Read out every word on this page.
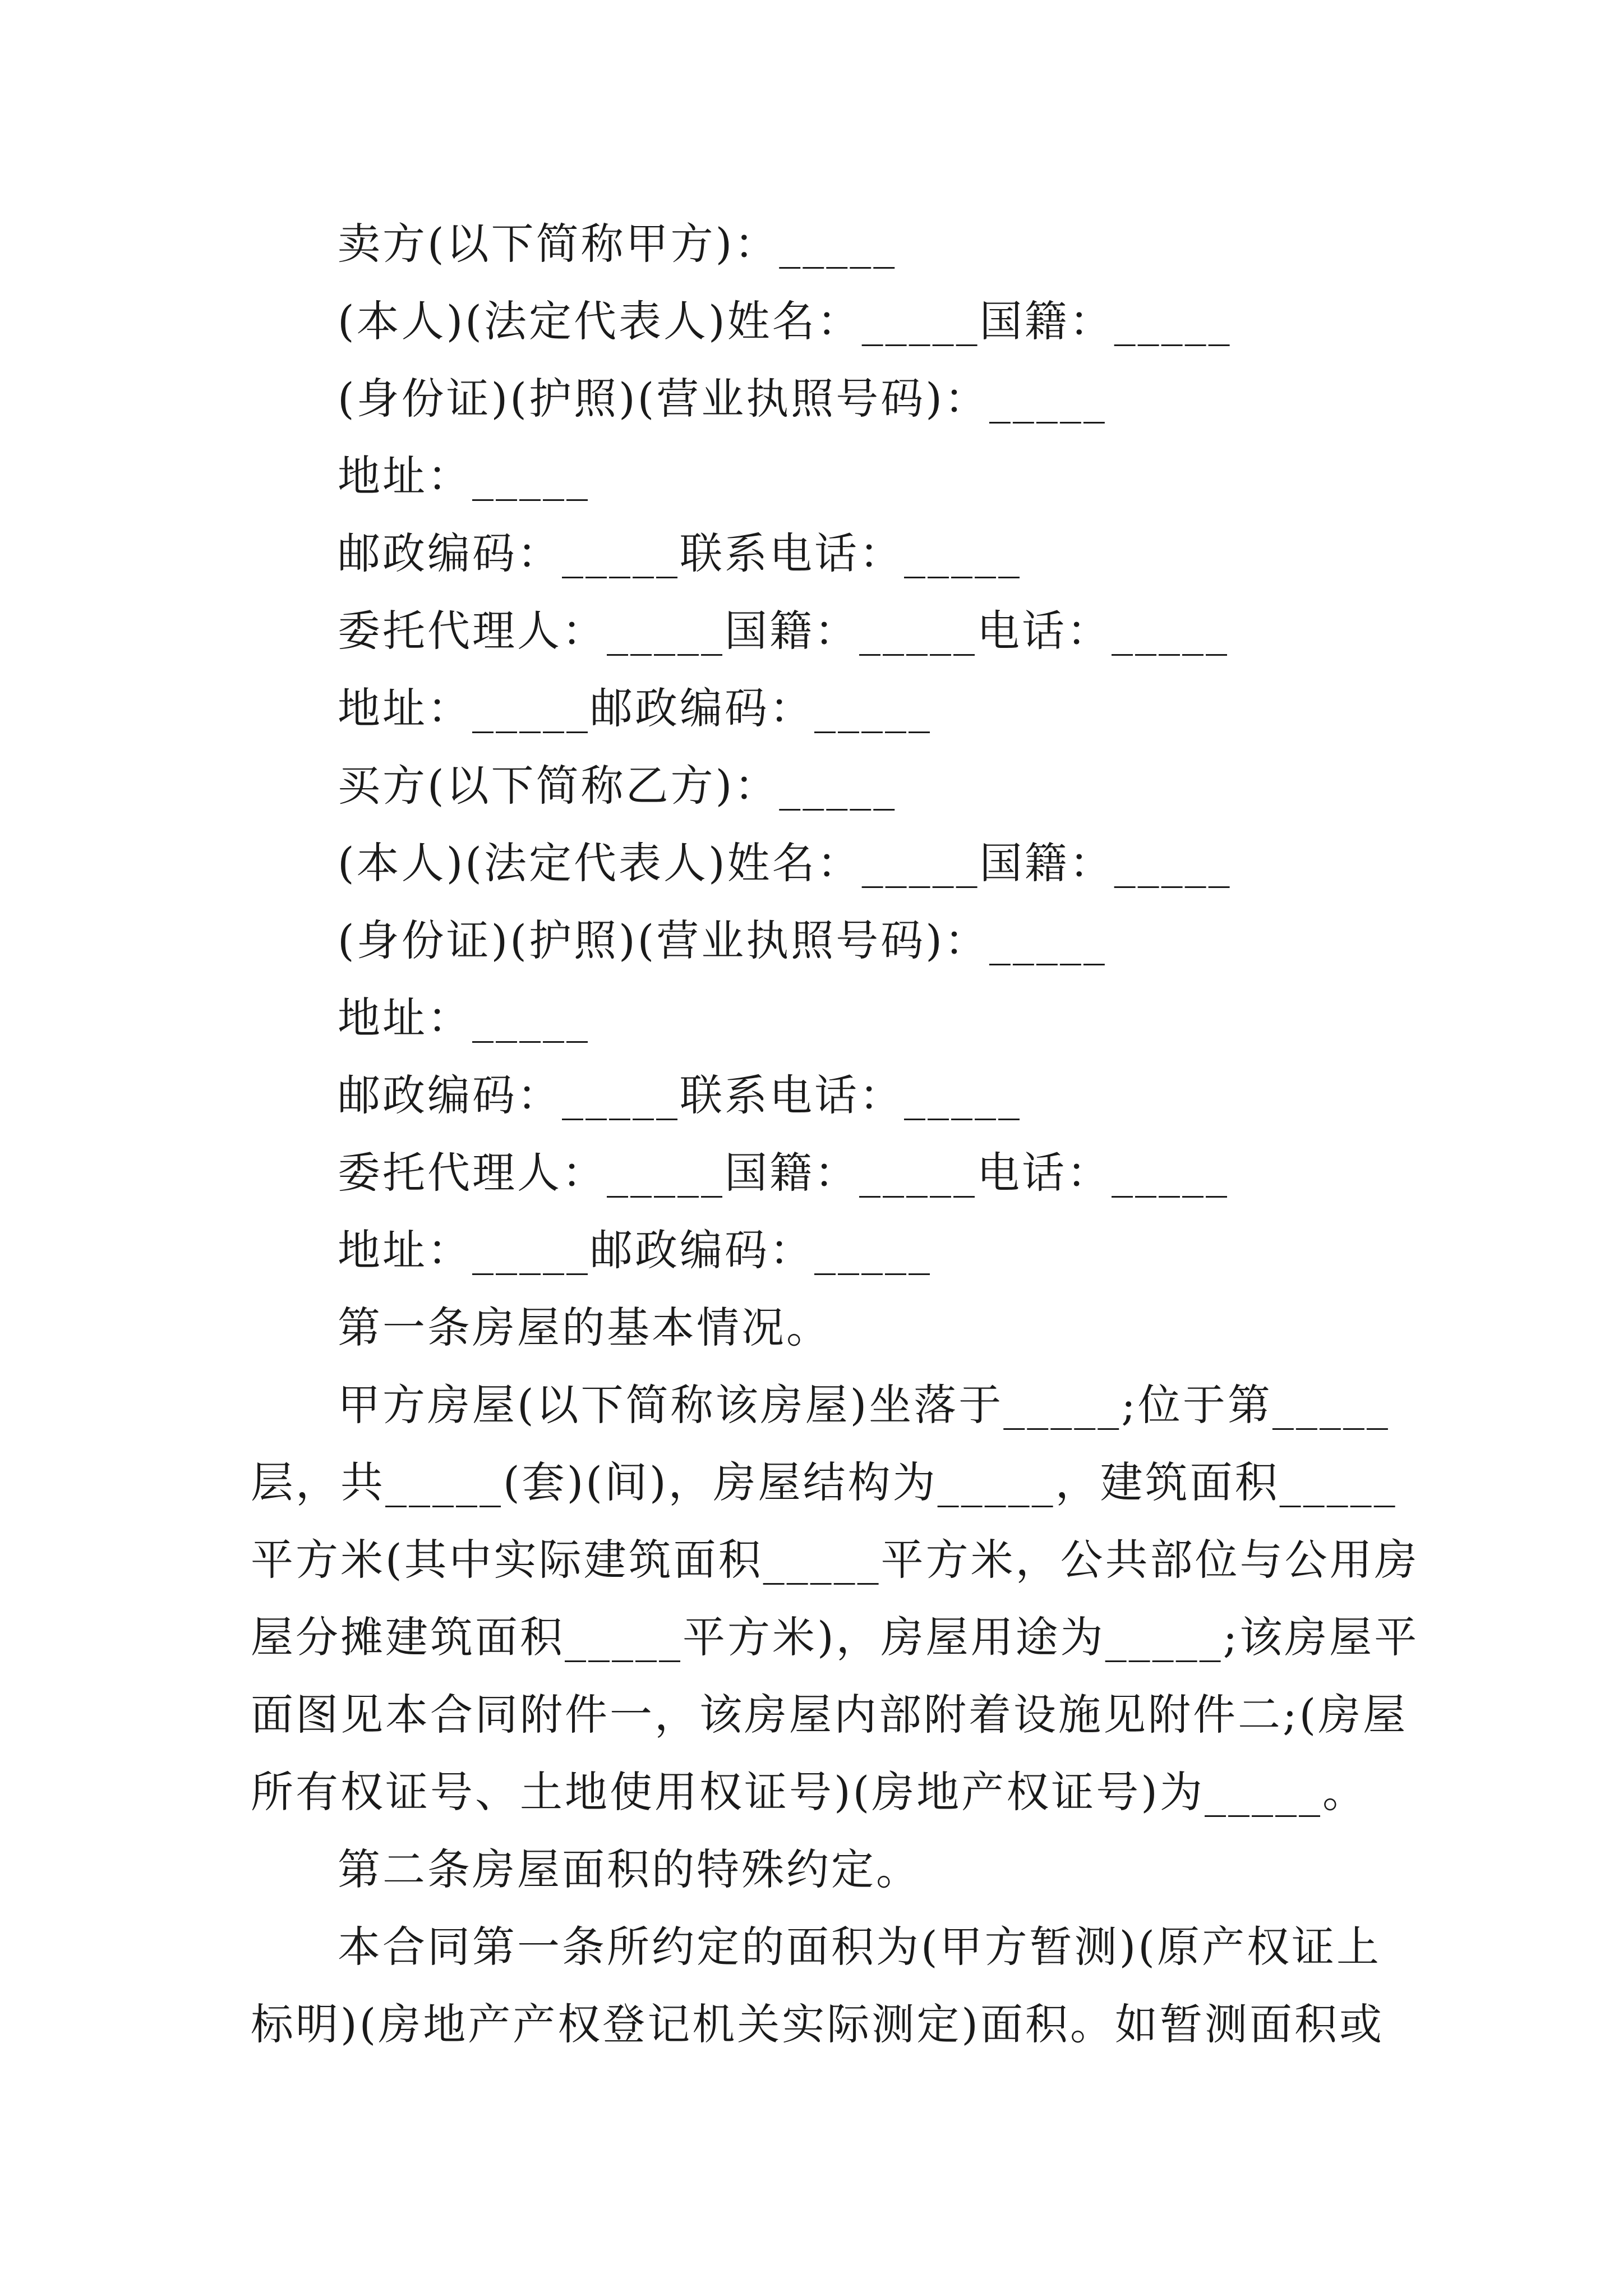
卖方(以下简称甲方)：_____
(本人)(法定代表人)姓名：_____国籍：_____
(身份证)(护照)(营业执照号码)：_____
地址：_____
邮政编码：_____联系电话：_____
委托代理人：_____国籍：_____电话：_____
地址：_____邮政编码：_____
买方(以下简称乙方)：_____
(本人)(法定代表人)姓名：_____国籍：_____
(身份证)(护照)(营业执照号码)：_____
地址：_____
邮政编码：_____联系电话：_____
委托代理人：_____国籍：_____电话：_____
地址：_____邮政编码：_____
第一条房屋的基本情况。
甲方房屋(以下简称该房屋)坐落于_____;位于第_____
层，共_____(套)(间)，房屋结构为_____，建筑面积_____
平方米(其中实际建筑面积_____平方米，公共部位与公用房
屋分摊建筑面积_____平方米)，房屋用途为_____;该房屋平
面图见本合同附件一，该房屋内部附着设施见附件二;(房屋
所有权证号、土地使用权证号)(房地产权证号)为_____。
第二条房屋面积的特殊约定。
本合同第一条所约定的面积为(甲方暂测)(原产权证上
标明)(房地产产权登记机关实际测定)面积。如暂测面积或
